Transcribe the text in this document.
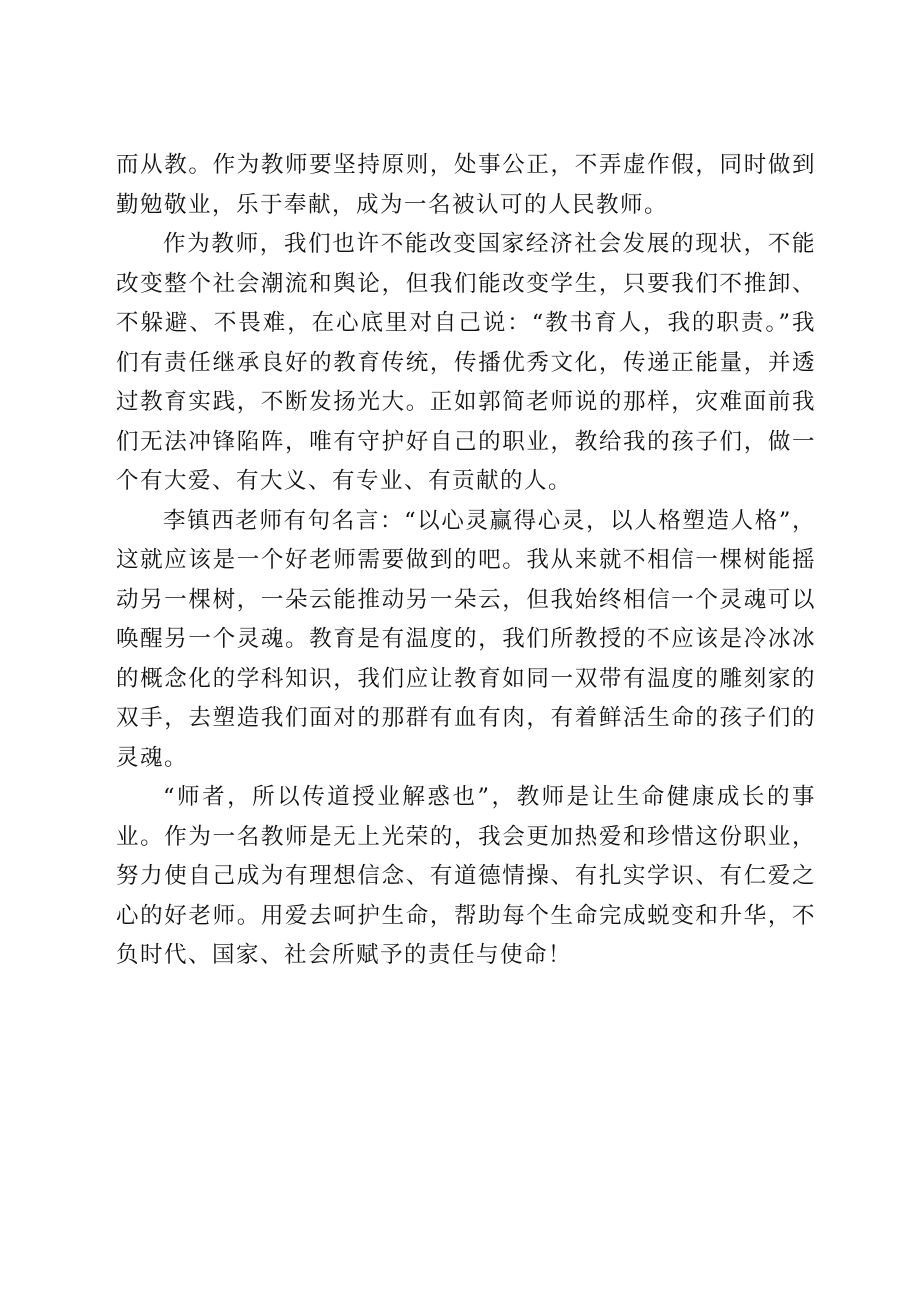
而从教。作为教师要坚持原则，处事公正，不弄虚作假，同时做到勤勉敬业，乐于奉献，成为一名被认可的人民教师。

作为教师，我们也许不能改变国家经济社会发展的现状，不能改变整个社会潮流和舆论，但我们能改变学生，只要我们不推卸、不躲避、不畏难，在心底里对自己说：“教书育人，我的职责。”我们有责任继承良好的教育传统，传播优秀文化，传递正能量，并透过教育实践，不断发扬光大。正如郭简老师说的那样，灾难面前我们无法冲锋陷阵，唯有守护好自己的职业，教给我的孩子们，做一个有大爱、有大义、有专业、有贡献的人。

李镇西老师有句名言：“以心灵赢得心灵，以人格塑造人格”，这就应该是一个好老师需要做到的吧。我从来就不相信一棵树能摇动另一棵树，一朵云能推动另一朵云，但我始终相信一个灵魂可以唤醒另一个灵魂。教育是有温度的，我们所教授的不应该是冷冰冰的概念化的学科知识，我们应让教育如同一双带有温度的雕刻家的双手，去塑造我们面对的那群有血有肉，有着鲜活生命的孩子们的灵魂。

“师者，所以传道授业解惑也”，教师是让生命健康成长的事业。作为一名教师是无上光荣的，我会更加热爱和珍惜这份职业，努力使自己成为有理想信念、有道德情操、有扎实学识、有仁爱之心的好老师。用爱去呵护生命，帮助每个生命完成蜕变和升华，不负时代、国家、社会所赋予的责任与使命！
